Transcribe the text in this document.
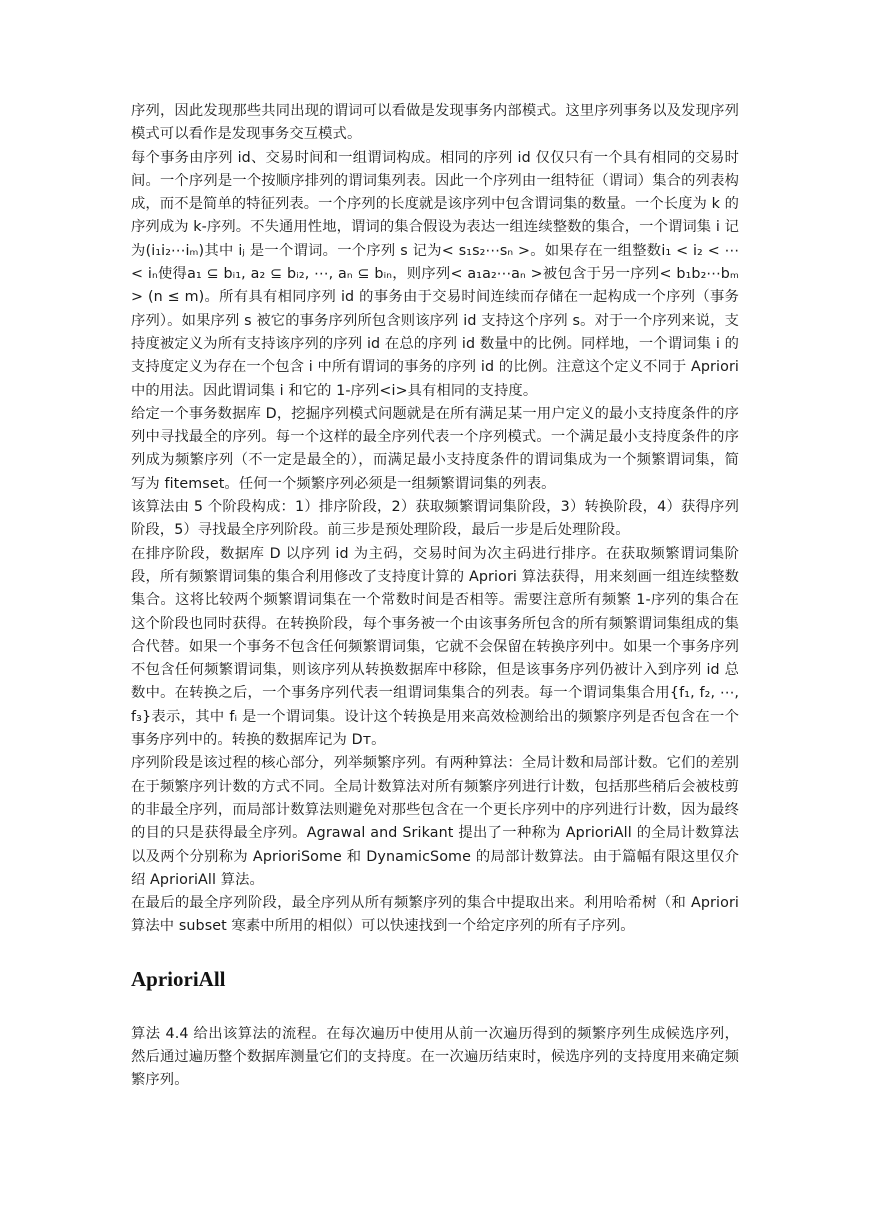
序列，因此发现那些共同出现的谓词可以看做是发现事务内部模式。这里序列事务以及发现序列模式可以看作是发现事务交互模式。

每个事务由序列 id、交易时间和一组谓词构成。相同的序列 id 仅仅只有一个具有相同的交易时间。一个序列是一个按顺序排列的谓词集列表。因此一个序列由一组特征（谓词）集合的列表构成，而不是简单的特征列表。一个序列的长度就是该序列中包含谓词集的数量。一个长度为 k 的序列成为 k-序列。不失通用性地，谓词的集合假设为表达一组连续整数的集合，一个谓词集 i 记为(i₁i₂⋯iₘ)其中 iⱼ 是一个谓词。一个序列 s 记为< s₁s₂⋯sₙ >。如果存在一组整数i₁ < i₂ < ⋯ < iₙ使得a₁ ⊆ bᵢ₁, a₂ ⊆ bᵢ₂, ⋯, aₙ ⊆ bᵢₙ，则序列< a₁a₂⋯aₙ >被包含于另一序列< b₁b₂⋯bₘ > (n ≤ m)。所有具有相同序列 id 的事务由于交易时间连续而存储在一起构成一个序列（事务序列）。如果序列 s 被它的事务序列所包含则该序列 id 支持这个序列 s。对于一个序列来说，支持度被定义为所有支持该序列的序列 id 在总的序列 id 数量中的比例。同样地，一个谓词集 i 的支持度定义为存在一个包含 i 中所有谓词的事务的序列 id 的比例。注意这个定义不同于 Apriori 中的用法。因此谓词集 i 和它的 1-序列<i>具有相同的支持度。

给定一个事务数据库 D，挖掘序列模式问题就是在所有满足某一用户定义的最小支持度条件的序列中寻找最全的序列。每一个这样的最全序列代表一个序列模式。一个满足最小支持度条件的序列成为频繁序列（不一定是最全的），而满足最小支持度条件的谓词集成为一个频繁谓词集，简写为 fitemset。任何一个频繁序列必须是一组频繁谓词集的列表。

该算法由 5 个阶段构成：1）排序阶段，2）获取频繁谓词集阶段，3）转换阶段，4）获得序列阶段，5）寻找最全序列阶段。前三步是预处理阶段，最后一步是后处理阶段。

在排序阶段，数据库 D 以序列 id 为主码，交易时间为次主码进行排序。在获取频繁谓词集阶段，所有频繁谓词集的集合利用修改了支持度计算的 Apriori 算法获得，用来刻画一组连续整数集合。这将比较两个频繁谓词集在一个常数时间是否相等。需要注意所有频繁 1-序列的集合在这个阶段也同时获得。在转换阶段，每个事务被一个由该事务所包含的所有频繁谓词集组成的集合代替。如果一个事务不包含任何频繁谓词集，它就不会保留在转换序列中。如果一个事务序列不包含任何频繁谓词集，则该序列从转换数据库中移除，但是该事务序列仍被计入到序列 id 总数中。在转换之后，一个事务序列代表一组谓词集集合的列表。每一个谓词集集合用{f₁, f₂, ⋯, f₃}表示，其中 fᵢ 是一个谓词集。设计这个转换是用来高效检测给出的频繁序列是否包含在一个事务序列中的。转换的数据库记为 Dᴛ。

序列阶段是该过程的核心部分，列举频繁序列。有两种算法：全局计数和局部计数。它们的差别在于频繁序列计数的方式不同。全局计数算法对所有频繁序列进行计数，包括那些稍后会被枝剪的非最全序列，而局部计数算法则避免对那些包含在一个更长序列中的序列进行计数，因为最终的目的只是获得最全序列。Agrawal and Srikant 提出了一种称为 AprioriAll 的全局计数算法以及两个分别称为 AprioriSome 和 DynamicSome 的局部计数算法。由于篇幅有限这里仅介绍 AprioriAll 算法。

在最后的最全序列阶段，最全序列从所有频繁序列的集合中提取出来。利用哈希树（和 Apriori 算法中 subset 寒素中所用的相似）可以快速找到一个给定序列的所有子序列。

AprioriAll

算法 4.4 给出该算法的流程。在每次遍历中使用从前一次遍历得到的频繁序列生成候选序列，然后通过遍历整个数据库测量它们的支持度。在一次遍历结束时，候选序列的支持度用来确定频繁序列。
